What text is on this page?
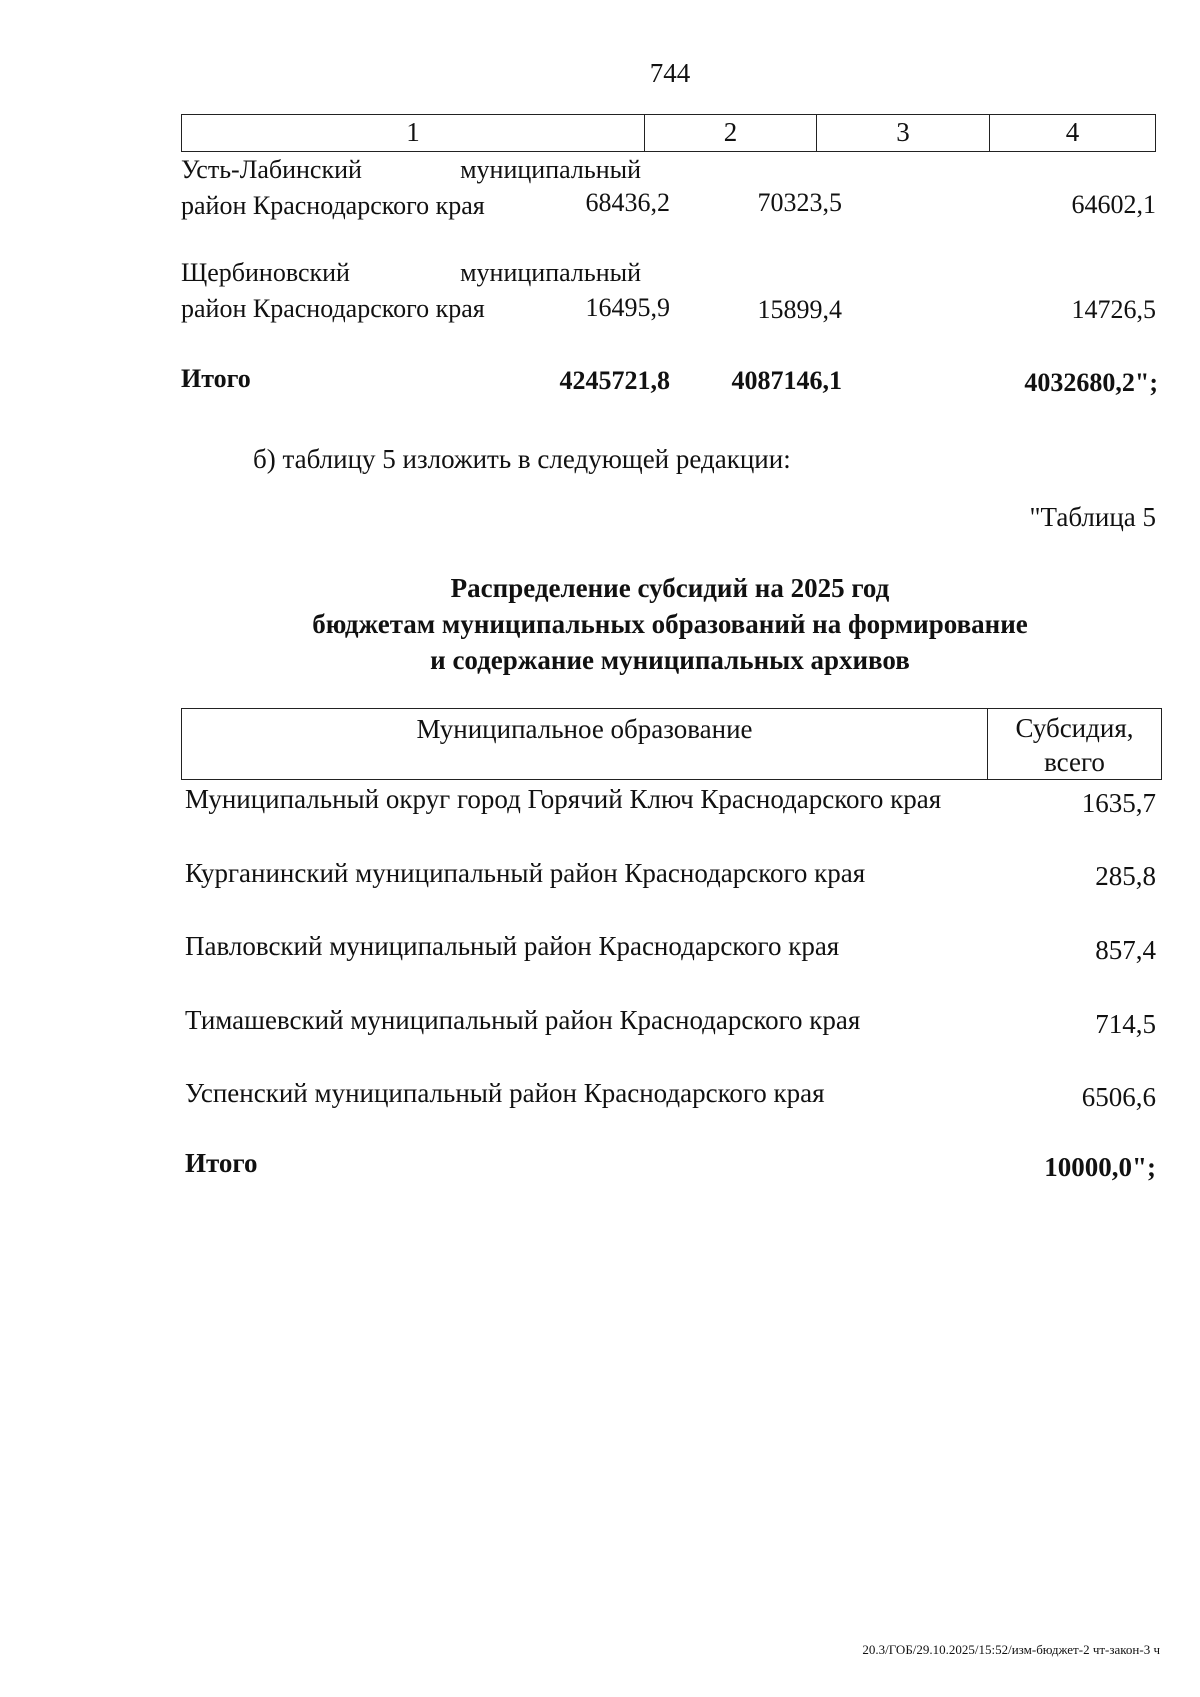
744
1	2	3	4
Усть-Лабинский	муниципальный
район Краснодарского края	68436,2	70323,5	64602,1
Щербиновский	муниципальный
район Краснодарского края	16495,9	15899,4	14726,5
Итого	4245721,8 4087146,1	4032680,2";
б) таблицу 5 изложить в следующей редакции:
"Таблица 5
Распределение субсидий на 2025 год
бюджетам муниципальных образований на формирование
и содержание муниципальных архивов
Муниципальное образование	Субсидия,
всего
Муниципальный округ город Горячий Ключ Краснодарского края	1635,7
Курганинский муниципальный район Краснодарского края	285,8
Павловский муниципальный район Краснодарского края	857,4
Тимашевский муниципальный район Краснодарского края	714,5
Успенский муниципальный район Краснодарского края	6506,6
Итого	10000,0";
20.3/ГОБ/29.10.2025/15:52/изм-бюджет-2 чт-закон-3 ч
